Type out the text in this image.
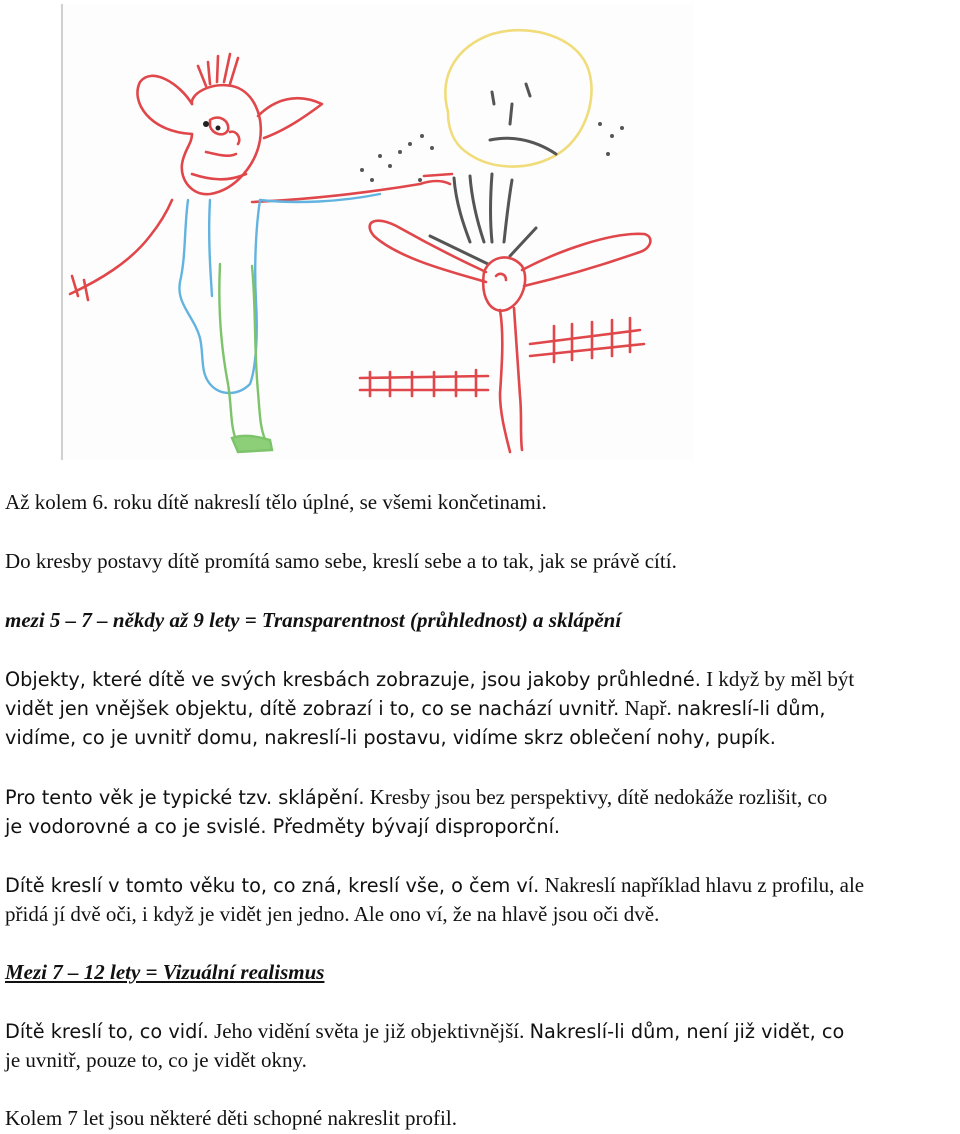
Až kolem 6. roku dítě nakreslí tělo úplné, se všemi končetinami.

Do kresby postavy dítě promítá samo sebe, kreslí sebe a to tak, jak se právě cítí.

mezi 5 – 7 – někdy až 9 lety = Transparentnost (průhlednost) a sklápění

Objekty, které dítě ve svých kresbách zobrazuje, jsou jakoby průhledné. I když by měl být
vidět jen vnějšek objektu, dítě zobrazí i to, co se nachází uvnitř. Např. nakreslí-li dům,
vidíme, co je uvnitř domu, nakreslí-li postavu, vidíme skrz oblečení nohy, pupík.
Pro tento věk je typické tzv. sklápění. Kresby jsou bez perspektivy, dítě nedokáže rozlišit, co
je vodorovné a co je svislé. Předměty bývají disproporční.
Dítě kreslí v tomto věku to, co zná, kreslí vše, o čem ví. Nakreslí například hlavu z profilu, ale
přidá jí dvě oči, i když je vidět jen jedno. Ale ono ví, že na hlavě jsou oči dvě.

Mezi 7 – 12 lety = Vizuální realismus

Dítě kreslí to, co vidí. Jeho vidění světa je již objektivnější. Nakreslí-li dům, není již vidět, co
je uvnitř, pouze to, co je vidět okny.

Kolem 7 let jsou některé děti schopné nakreslit profil.
